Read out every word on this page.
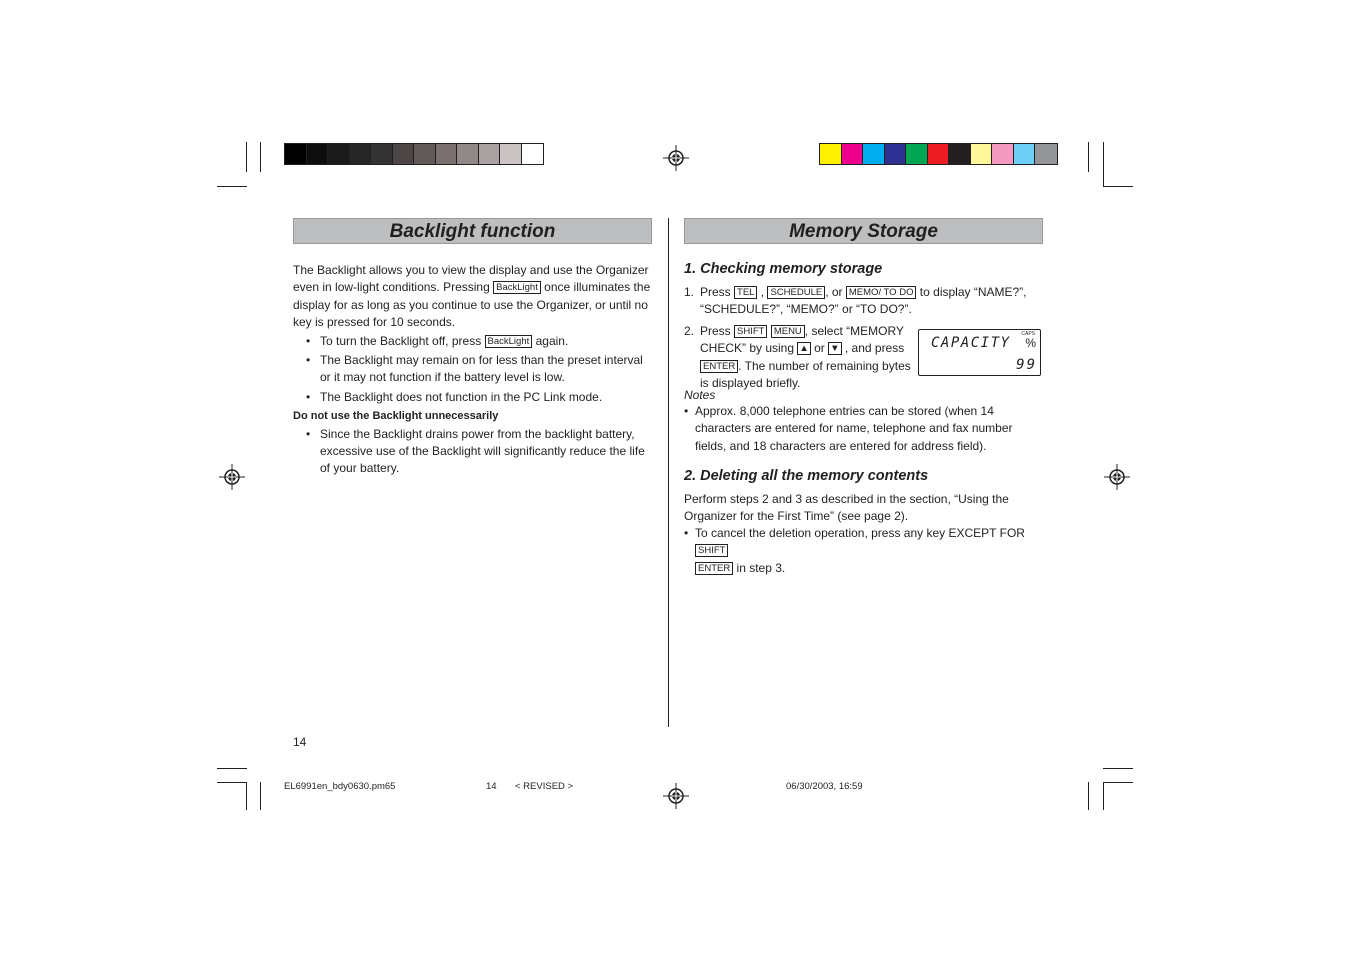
Backlight function
The Backlight allows you to view the display and use the Organizer even in low-light conditions. Pressing BackLight once illuminates the display for as long as you continue to use the Organizer, or until no key is pressed for 10 seconds.
• To turn the Backlight off, press BackLight again.
• The Backlight may remain on for less than the preset interval or it may not function if the battery level is low.
• The Backlight does not function in the PC Link mode.
Do not use the Backlight unnecessarily
• Since the Backlight drains power from the backlight battery, excessive use of the Backlight will significantly reduce the life of your battery.
Memory Storage
1. Checking memory storage
1. Press TEL , SCHEDULE , or MEMO/ TO DO to display “NAME?”, “SCHEDULE?”, “MEMO?” or “TO DO?”.
2. Press SHIFT MENU , select “MEMORY CHECK” by using ▲ or ▼ , and press ENTER . The number of remaining bytes is displayed briefly.
CAPACITY
CAPS
%
99
Notes
• Approx. 8,000 telephone entries can be stored (when 14 characters are entered for name, telephone and fax number fields, and 18 characters are entered for address field).
2. Deleting all the memory contents
Perform steps 2 and 3 as described in the section, “Using the Organizer for the First Time” (see page 2).
• To cancel the deletion operation, press any key EXCEPT FOR SHIFT
ENTER in step 3.
14
EL6991en_bdy0630.pm65	14 < REVISED >	06/30/2003, 16:59
